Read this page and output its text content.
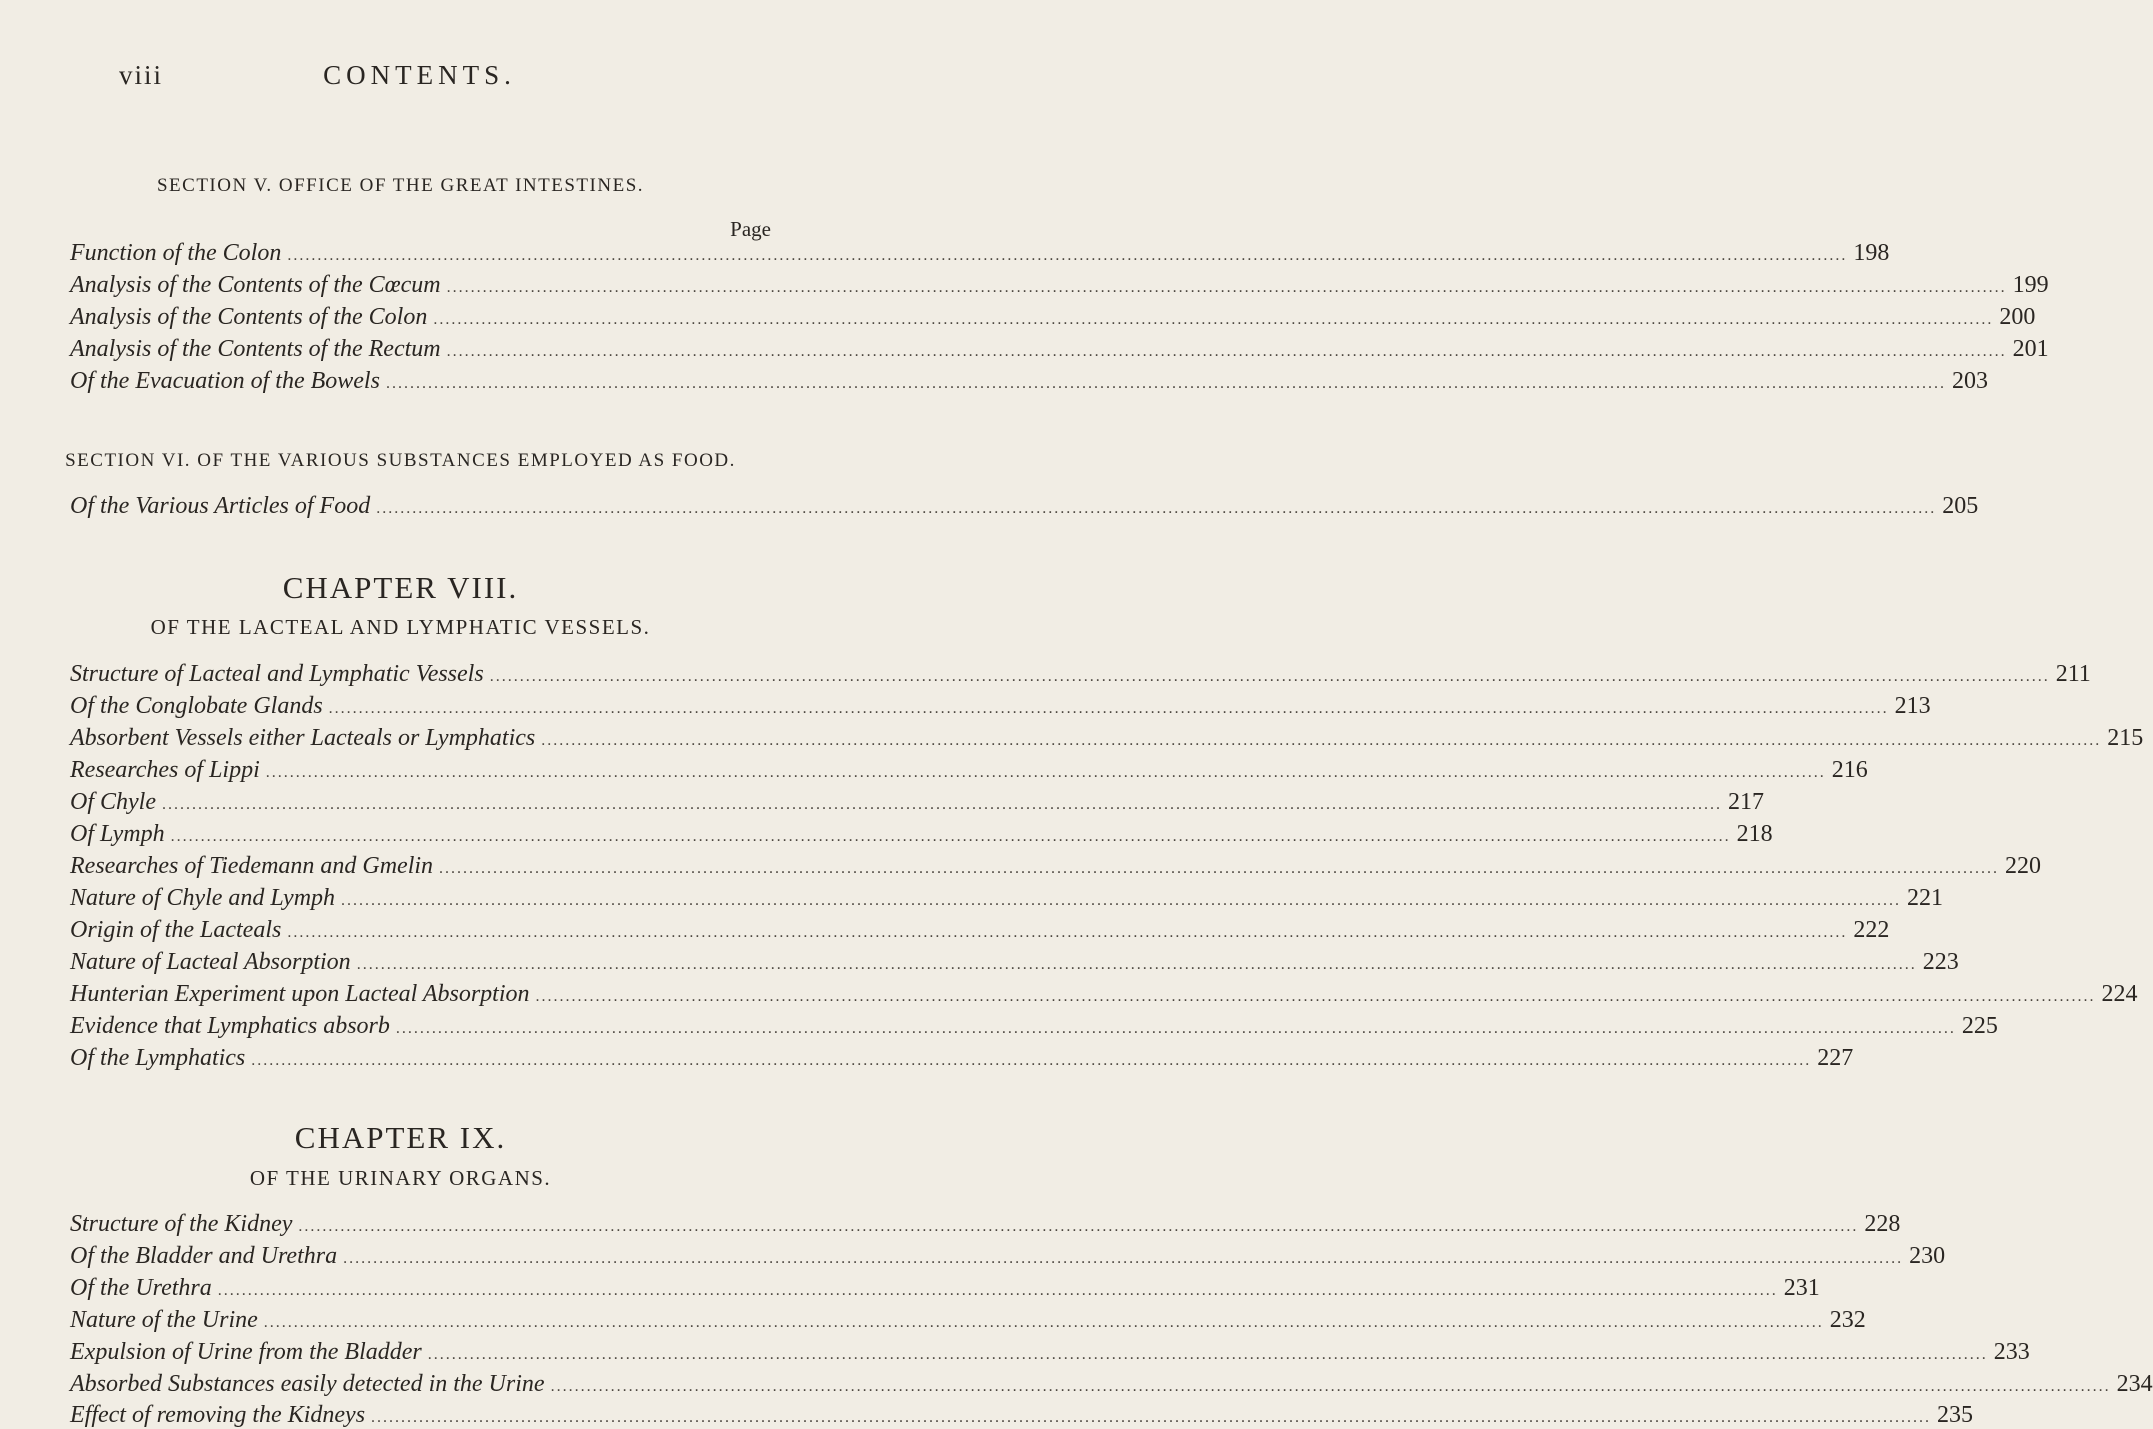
viii	CONTENTS.
SECTION V. OFFICE OF THE GREAT INTESTINES.
Page
Function of the Colon .....	198
Analysis of the Contents of the Cœcum .....	199
Analysis of the Contents of the Colon .....	200
Analysis of the Contents of the Rectum .....	201
Of the Evacuation of the Bowels .....	203
SECTION VI. OF THE VARIOUS SUBSTANCES EMPLOYED AS FOOD.
Of the Various Articles of Food .....	205
CHAPTER VIII.
OF THE LACTEAL AND LYMPHATIC VESSELS.
Structure of Lacteal and Lymphatic Vessels .....	211
Of the Conglobate Glands .....	213
Absorbent Vessels either Lacteals or Lymphatics .....	215
Researches of Lippi .....	216
Of Chyle .....	217
Of Lymph .....	218
Researches of Tiedemann and Gmelin .....	220
Nature of Chyle and Lymph .....	221
Origin of the Lacteals .....	222
Nature of Lacteal Absorption .....	223
Hunterian Experiment upon Lacteal Absorption .....	224
Evidence that Lymphatics absorb .....	225
Of the Lymphatics .....	227
CHAPTER IX.
OF THE URINARY ORGANS.
Structure of the Kidney .....	228
Of the Bladder and Urethra .....	230
Of the Urethra .....	231
Nature of the Urine .....	232
Expulsion of Urine from the Bladder .....	233
Absorbed Substances easily detected in the Urine .....	234
Effect of removing the Kidneys .....	235
